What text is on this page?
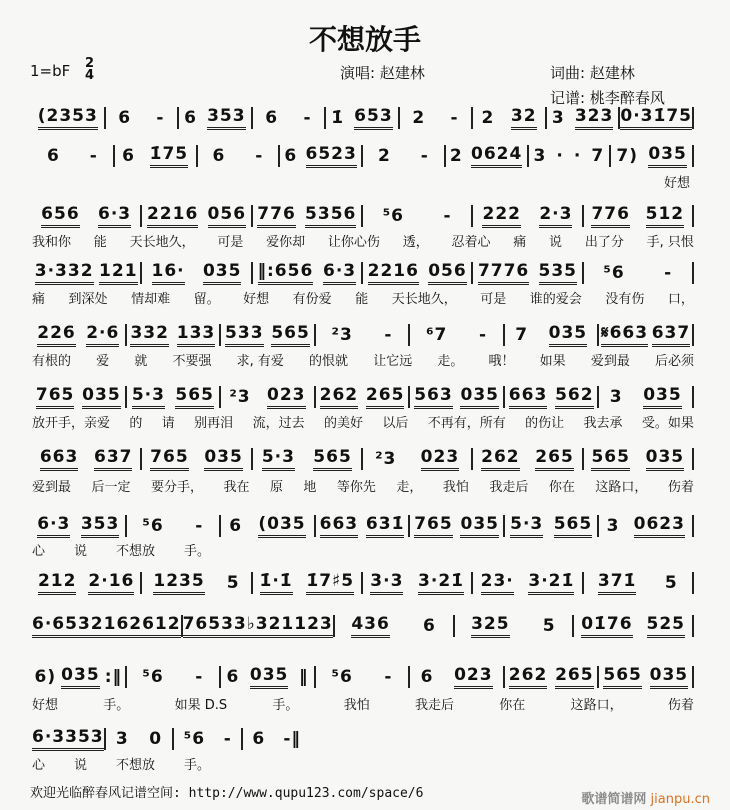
不想放手
1=bF 2
4	演唱: 赵建林	词曲: 赵建林
记谱: 桃李醉春风
(2353 6 - 6 353 6 - 1̇ 653 2 - 2 32 3 323 0·3 1̇75
6 - 6 1̇75 6 - 6 6523 2 - 2 0624 3 · · 7 7) 035
好想
656 6·3 2216 056 776 5356 ⁵6 - 222 2·3 776 512
我和你 能 天长地久， 可是 爱你却 让你心伤 透， 忍着心 痛 说 出了分 手, 只恨
3·332 121 16· 035 ‖:656 6·3 2216 056 7776 535 ⁵6 -
痛 到深处 情却难 留。 好想 有份爱 能 天长地久， 可是 谁的爱会 没有伤 口，
226 2·6 332 133 533 565 ²3 - ⁶7 - 7 035 𝄋663 637
有根的 爱 就 不要强 求, 有爱 的恨就 让它远 走。 哦！ 如果 爱到最 后必须
765 035 5·3 565 ²3 023 262 265 563 035 663 562 3 035
放开手，亲爱 的 请 别再泪 流，过去 的美好 以后 不再有，所有 的伤让 我去承 受。如果
663 637 765 035 5·3 565 ²3 023 262 265 565 035
爱到最 后一定 要分手， 我在 原 地 等你先 走， 我怕 我走后 你在 这路口， 伤着
6·3 353 ⁵6 - 6 (035 663 631̇ 765 035 5·3 565 3 0623
心 说 不想放 手。
212 2·16 1235 5 1̇·1̇ 1̇7♯5 3·3 3·21̇ 23· 3·21̇ 371̇ 5
6·65 32162612 76533♭321 123 436 6 325 5 01̇76 525
6) 035 :‖ ⁵6 - 6 035 ‖ ⁵6 - 6 023 262 265 565 035
好想	手。	如果 D.S	手。	我怕	我走后	你在	这路口，	伤着
6·3 353 3 0 ⁵6 - 6 -‖
心 说 不想放 手。
欢迎光临醉春风记谱空间: http://www.qupu123.com/space/6	歌谱简谱网 jianpu.cn
